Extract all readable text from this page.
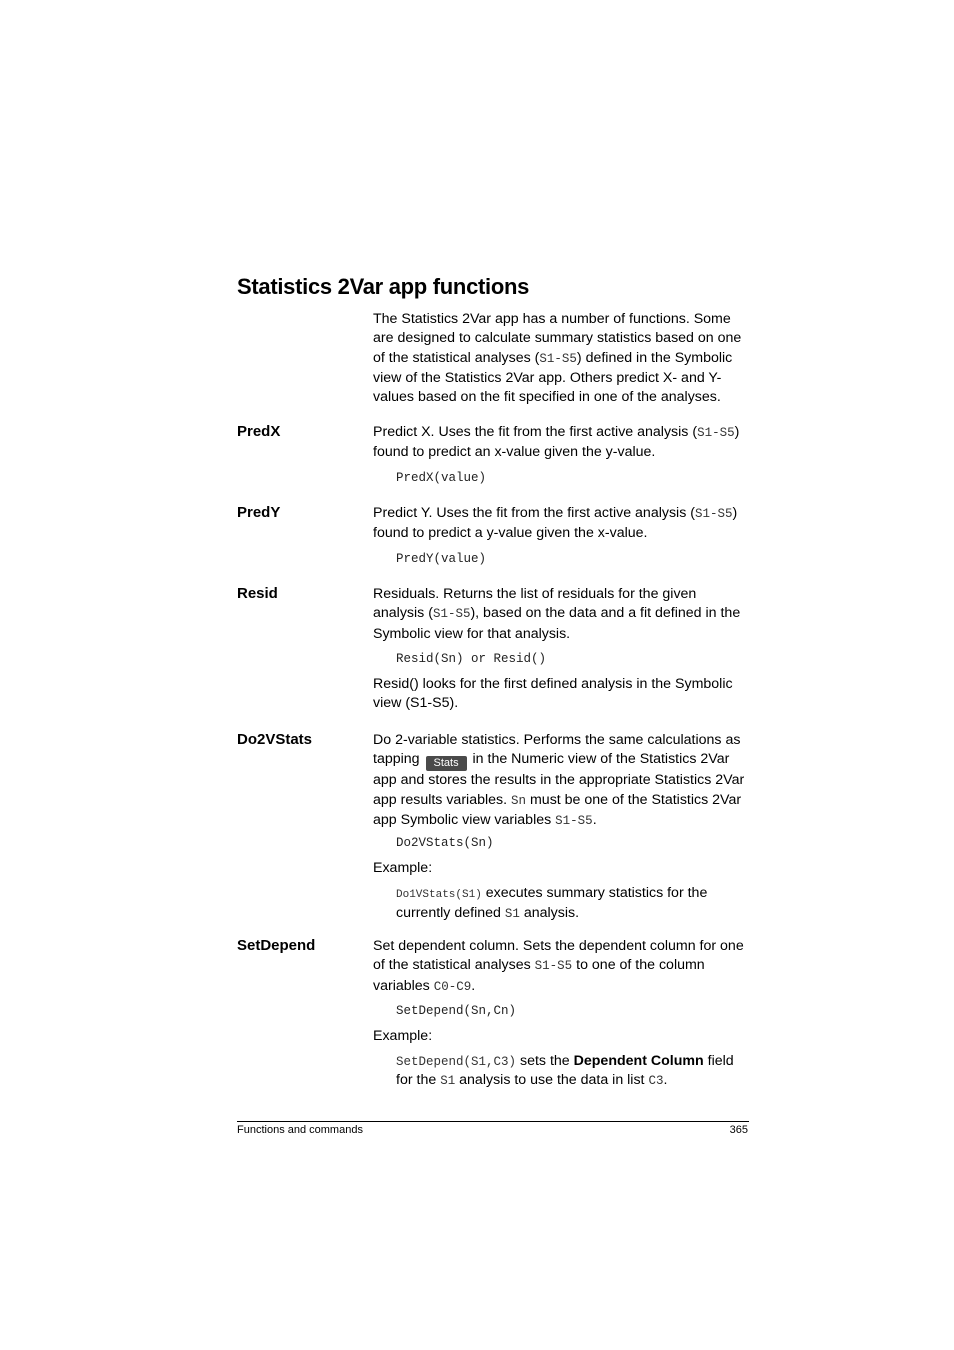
Statistics 2Var app functions

The Statistics 2Var app has a number of functions. Some are designed to calculate summary statistics based on one of the statistical analyses (S1-S5) defined in the Symbolic view of the Statistics 2Var app. Others predict X- and Y-values based on the fit specified in one of the analyses.

PredX	Predict X. Uses the fit from the first active analysis (S1-S5) found to predict an x-value given the y-value.

PredX(value)

PredY	Predict Y. Uses the fit from the first active analysis (S1-S5) found to predict a y-value given the x-value.

PredY(value)

Resid	Residuals. Returns the list of residuals for the given analysis (S1-S5), based on the data and a fit defined in the Symbolic view for that analysis.

Resid(Sn) or Resid()

Resid() looks for the first defined analysis in the Symbolic view (S1-S5).

Do2VStats	Do 2-variable statistics. Performs the same calculations as tapping Stats in the Numeric view of the Statistics 2Var app and stores the results in the appropriate Statistics 2Var app results variables. Sn must be one of the Statistics 2Var app Symbolic view variables S1-S5.

Do2VStats(Sn)

Example:

Do1VStats(S1) executes summary statistics for the currently defined S1 analysis.

SetDepend	Set dependent column. Sets the dependent column for one of the statistical analyses S1-S5 to one of the column variables C0-C9.

SetDepend(Sn,Cn)

Example:

SetDepend(S1,C3) sets the Dependent Column field for the S1 analysis to use the data in list C3.

Functions and commands	365
